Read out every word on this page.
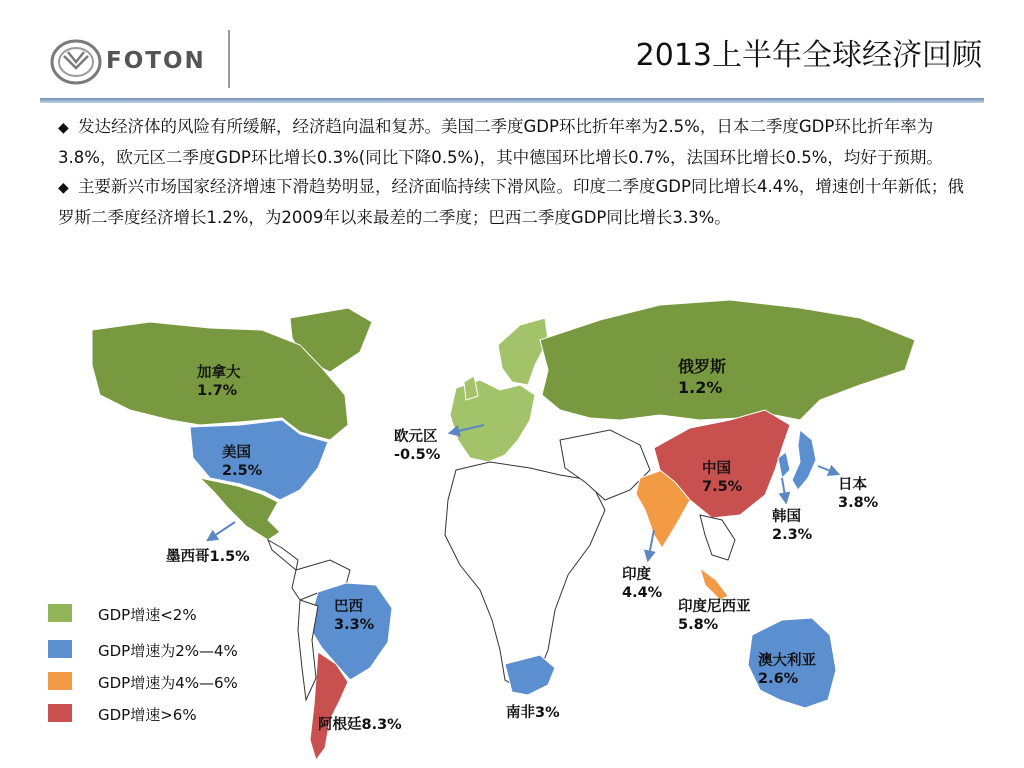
FOTON	2013上半年全球经济回顾

◆ 发达经济体的风险有所缓解，经济趋向温和复苏。美国二季度GDP环比折年率为2.5%，日本二季度GDP环比折年率为3.8%，欧元区二季度GDP环比增长0.3%(同比下降0.5%)，其中德国环比增长0.7%，法国环比增长0.5%，均好于预期。

◆ 主要新兴市场国家经济增速下滑趋势明显，经济面临持续下滑风险。印度二季度GDP同比增长4.4%，增速创十年新低；俄罗斯二季度经济增长1.2%，为2009年以来最差的二季度；巴西二季度GDP同比增长3.3%。

加拿大
1.7%
美国
2.5%
墨西哥1.5%
欧元区
-0.5%
俄罗斯
1.2%
中国
7.5%	日本
3.8%
韩国
2.3%
印度
4.4%
印度尼西亚
5.8%
巴西
3.3%
阿根廷8.3%
南非3%
澳大利亚
2.6%
GDP增速<2%
GDP增速为2%—4%
GDP增速为4%—6%
GDP增速>6%
